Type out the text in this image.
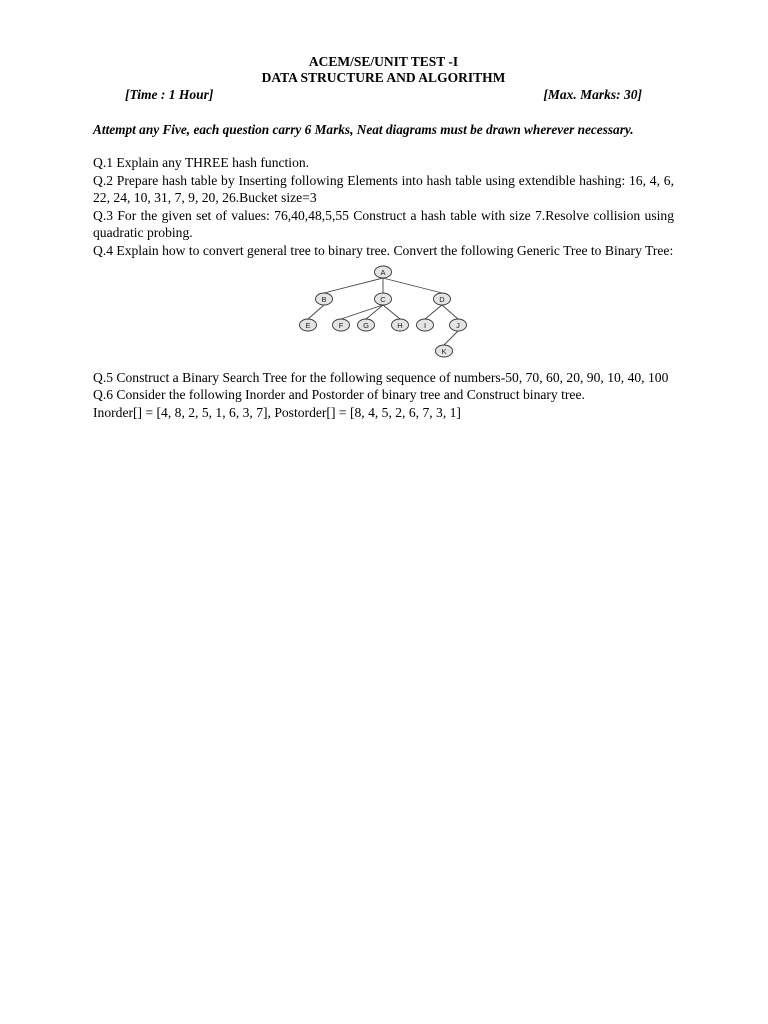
ACEM/SE/UNIT TEST -I

DATA STRUCTURE AND ALGORITHM

[Time : 1 Hour]	[Max. Marks: 30]

Attempt any Five, each question carry 6 Marks, Neat diagrams must be drawn wherever necessary.

Q.1 Explain any THREE hash function.

Q.2 Prepare hash table by Inserting following Elements into hash table using extendible hashing: 16, 4, 6, 22, 24, 10, 31, 7, 9, 20, 26.Bucket size=3

Q.3 For the given set of values: 76,40,48,5,55 Construct a hash table with size 7.Resolve collision using quadratic probing.

Q.4 Explain how to convert general tree to binary tree. Convert the following Generic Tree to Binary Tree:

A
B	C	D
E	F	G	H	I	J
K

Q.5 Construct a Binary Search Tree for the following sequence of numbers-50, 70, 60, 20, 90, 10, 40, 100

Q.6 Consider the following Inorder and Postorder of binary tree and Construct binary tree.

Inorder[] = [4, 8, 2, 5, 1, 6, 3, 7], Postorder[] = [8, 4, 5, 2, 6, 7, 3, 1]
